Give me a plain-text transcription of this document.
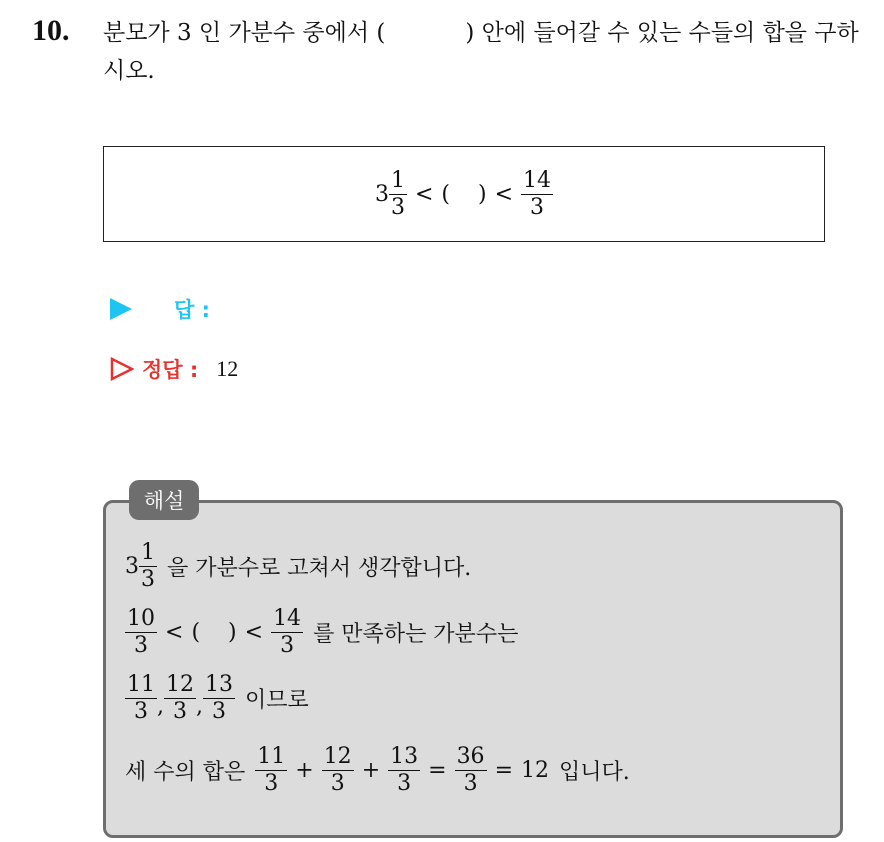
10. 분모가 3 인 가분수 중에서 (	) 안에 들어갈 수 있는 수들의 합을 구하시오.
$3 \frac{1}{3}$ < ( ) < $\frac{14}{3}$
답 :
정답 : 12
해설
$3 \frac{1}{3}$ 을 가분수로 고쳐서 생각합니다.
$\frac{10}{3}$ < ( ) < $\frac{14}{3}$ 를 만족하는 가분수는
$\frac{11}{3}$ , $\frac{12}{3}$ , $\frac{13}{3}$ 이므로
세 수의 합은 $\frac{11}{3} + \frac{12}{3} + \frac{13}{3} = \frac{36}{3} = 12$ 입니다.
